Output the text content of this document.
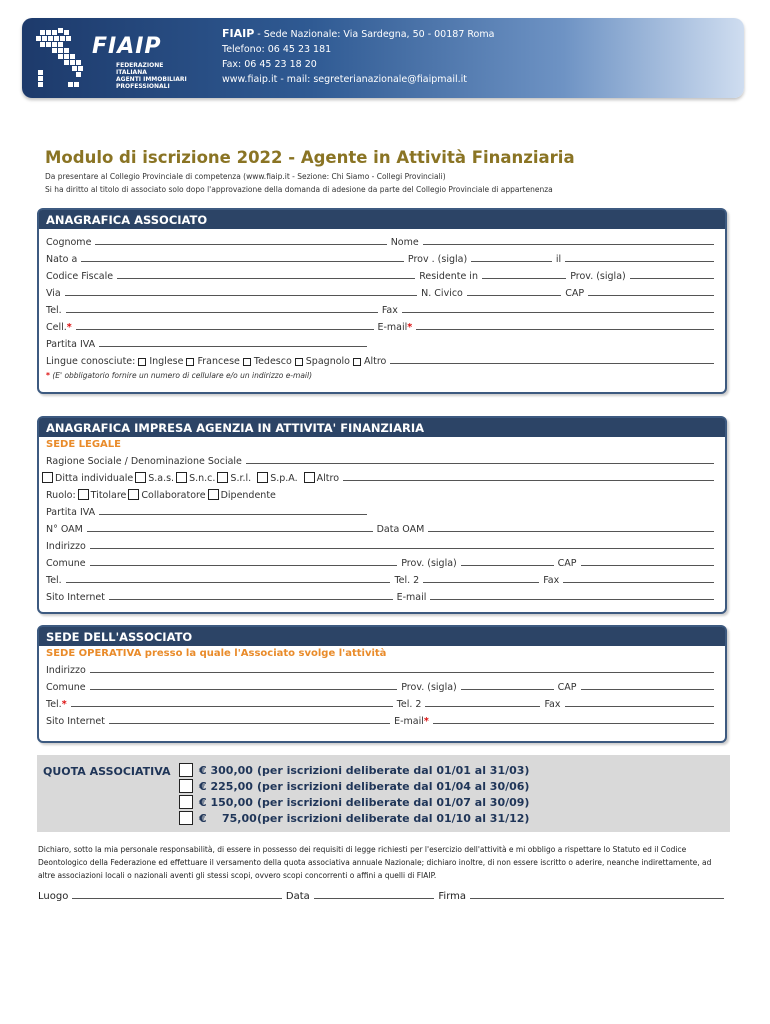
FIAIP
FEDERAZIONE ITALIANA
AGENTI IMMOBILIARI
PROFESSIONALI
FIAIP - Sede Nazionale: Via Sardegna, 50 - 00187 Roma
Telefono: 06 45 23 181
Fax: 06 45 23 18 20
www.fiaip.it - mail: segreterianazionale@fiaipmail.it
Modulo di iscrizione 2022 - Agente in Attività Finanziaria
Da presentare al Collegio Provinciale di competenza (www.fiaip.it - Sezione: Chi Siamo - Collegi Provinciali)
Si ha diritto al titolo di associato solo dopo l'approvazione della domanda di adesione da parte del Collegio Provinciale di appartenenza
ANAGRAFICA ASSOCIATO
Cognome	Nome
Nato a	Prov . (sigla)	il
Codice Fiscale	Residente in	Prov. (sigla)
Via	N. Civico	CAP
Tel.	Fax
Cell.*	E-mail*
Partita IVA
Lingue conosciute: Inglese Francese Tedesco Spagnolo Altro
* (E' obbligatorio fornire un numero di cellulare e/o un indirizzo e-mail)
ANAGRAFICA IMPRESA AGENZIA IN ATTIVITA' FINANZIARIA
SEDE LEGALE
Ragione Sociale / Denominazione Sociale
Ditta individuale S.a.s. S.n.c. S.r.l. S.p.A. Altro
Ruolo: Titolare Collaboratore Dipendente
Partita IVA
N° OAM	Data OAM
Indirizzo
Comune	Prov. (sigla)	CAP
Tel.	Tel. 2	Fax
Sito Internet	E-mail
SEDE DELL'ASSOCIATO
SEDE OPERATIVA presso la quale l'Associato svolge l'attività
Indirizzo
Comune	Prov. (sigla)	CAP
Tel.*	Tel. 2	Fax
Sito Internet	E-mail*
QUOTA ASSOCIATIVA	€ 300,00 (per iscrizioni deliberate dal 01/01 al 31/03)
€ 225,00 (per iscrizioni deliberate dal 01/04 al 30/06)
€ 150,00 (per iscrizioni deliberate dal 01/07 al 30/09)
€    75,00 (per iscrizioni deliberate dal 01/10 al 31/12)
Dichiaro, sotto la mia personale responsabilità, di essere in possesso dei requisiti di legge richiesti per l'esercizio dell'attività e mi obbligo a rispettare lo Statuto ed il Codice Deontologico della Federazione ed effettuare il versamento della quota associativa annuale Nazionale; dichiaro inoltre, di non essere iscritto o aderire, neanche indirettamente, ad altre associazioni locali o nazionali aventi gli stessi scopi, ovvero scopi concorrenti o affini a quelli di FIAIP.
Luogo	Data	Firma
